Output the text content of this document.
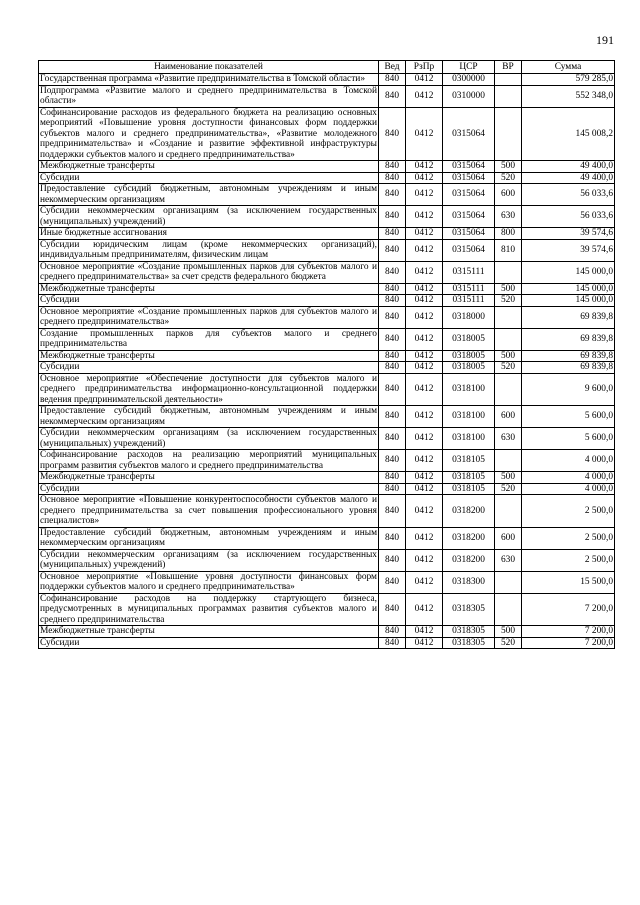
191
Наименование показателей	Вед	РзПр	ЦСР	ВР	Сумма
Государственная программа «Развитие предпринимательства в Томской области»	840	0412	0300000		579 285,0
Подпрограмма «Развитие малого и среднего предпринимательства в Томской области»	840	0412	0310000		552 348,0
Софинансирование расходов из федерального бюджета на реализацию основных мероприятий «Повышение уровня доступности финансовых форм поддержки субъектов малого и среднего предпринимательства», «Развитие молодежного предпринимательства» и «Создание и развитие эффективной инфраструктуры поддержки субъектов малого и среднего предпринимательства»	840	0412	0315064		145 008,2
Межбюджетные трансферты	840	0412	0315064	500	49 400,0
Субсидии	840	0412	0315064	520	49 400,0
Предоставление субсидий бюджетным, автономным учреждениям и иным некоммерческим организациям	840	0412	0315064	600	56 033,6
Субсидии некоммерческим организациям (за исключением государственных (муниципальных) учреждений)	840	0412	0315064	630	56 033,6
Иные бюджетные ассигнования	840	0412	0315064	800	39 574,6
Субсидии юридическим лицам (кроме некоммерческих организаций), индивидуальным предпринимателям, физическим лицам	840	0412	0315064	810	39 574,6
Основное мероприятие «Создание промышленных парков для субъектов малого и среднего предпринимательства» за счет средств федерального бюджета	840	0412	0315111		145 000,0
Межбюджетные трансферты	840	0412	0315111	500	145 000,0
Субсидии	840	0412	0315111	520	145 000,0
Основное мероприятие «Создание промышленных парков для субъектов малого и среднего предпринимательства»	840	0412	0318000		69 839,8
Создание промышленных парков для субъектов малого и среднего предпринимательства	840	0412	0318005		69 839,8
Межбюджетные трансферты	840	0412	0318005	500	69 839,8
Субсидии	840	0412	0318005	520	69 839,8
Основное мероприятие «Обеспечение доступности для субъектов малого и среднего предпринимательства информационно-консультационной поддержки ведения предпринимательской деятельности»	840	0412	0318100		9 600,0
Предоставление субсидий бюджетным, автономным учреждениям и иным некоммерческим организациям	840	0412	0318100	600	5 600,0
Субсидии некоммерческим организациям (за исключением государственных (муниципальных) учреждений)	840	0412	0318100	630	5 600,0
Софинансирование расходов на реализацию мероприятий муниципальных программ развития субъектов малого и среднего предпринимательства	840	0412	0318105		4 000,0
Межбюджетные трансферты	840	0412	0318105	500	4 000,0
Субсидии	840	0412	0318105	520	4 000,0
Основное мероприятие «Повышение конкурентоспособности субъектов малого и среднего предпринимательства за счет повышения профессионального уровня специалистов»	840	0412	0318200		2 500,0
Предоставление субсидий бюджетным, автономным учреждениям и иным некоммерческим организациям	840	0412	0318200	600	2 500,0
Субсидии некоммерческим организациям (за исключением государственных (муниципальных) учреждений)	840	0412	0318200	630	2 500,0
Основное мероприятие «Повышение уровня доступности финансовых форм поддержки субъектов малого и среднего предпринимательства»	840	0412	0318300		15 500,0
Софинансирование расходов на поддержку стартующего бизнеса, предусмотренных в муниципальных программах развития субъектов малого и среднего предпринимательства	840	0412	0318305		7 200,0
Межбюджетные трансферты	840	0412	0318305	500	7 200,0
Субсидии	840	0412	0318305	520	7 200,0
